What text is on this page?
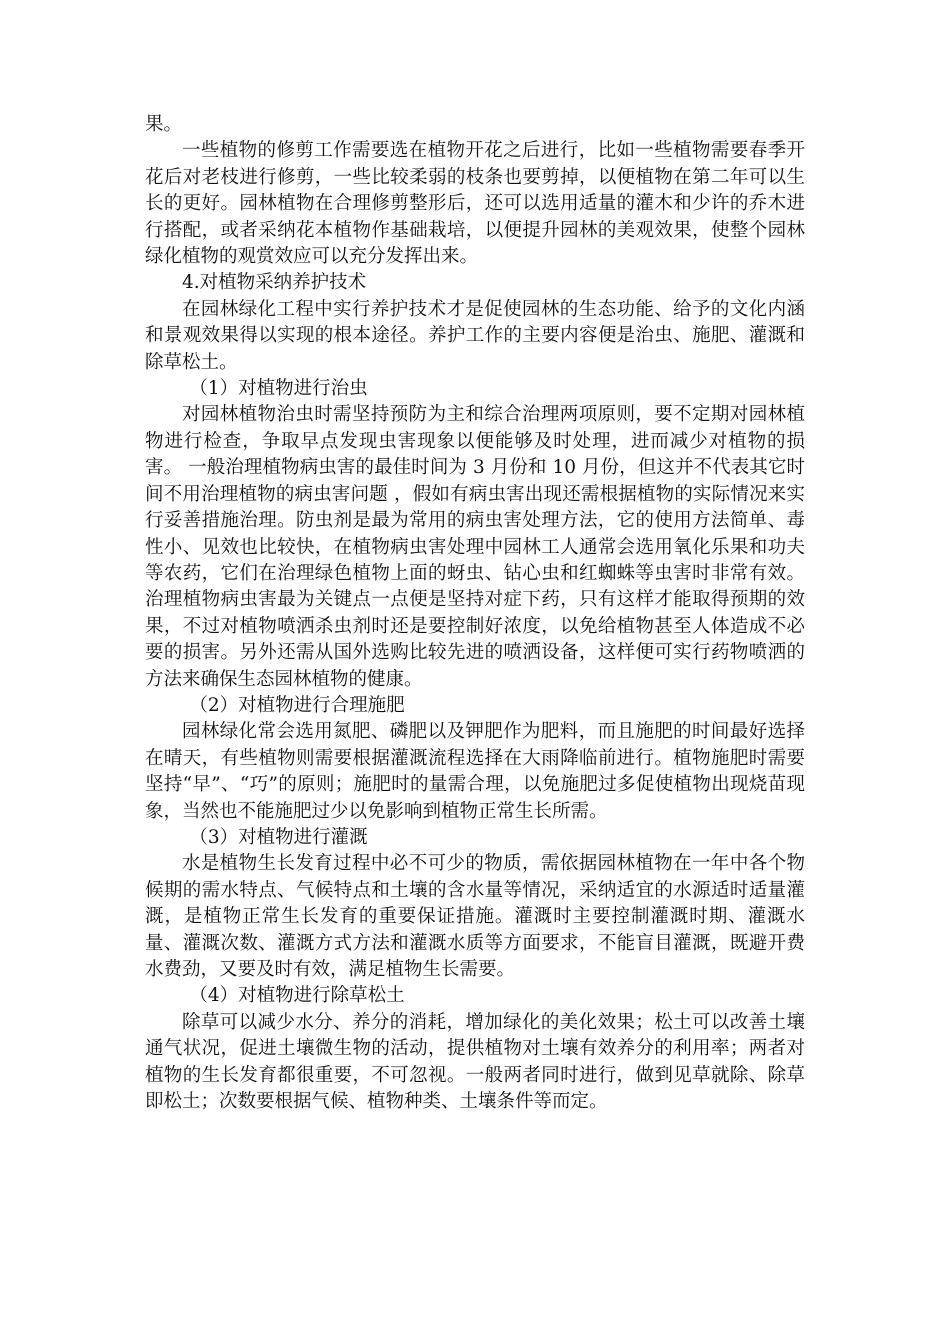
果。

一些植物的修剪工作需要选在植物开花之后进行，比如一些植物需要春季开花后对老枝进行修剪，一些比较柔弱的枝条也要剪掉，以便植物在第二年可以生长的更好。园林植物在合理修剪整形后，还可以选用适量的灌木和少许的乔木进行搭配，或者采纳花本植物作基础栽培，以便提升园林的美观效果，使整个园林绿化植物的观赏效应可以充分发挥出来。

4.对植物采纳养护技术

在园林绿化工程中实行养护技术才是促使园林的生态功能、给予的文化内涵和景观效果得以实现的根本途径。养护工作的主要内容便是治虫、施肥、灌溉和除草松土。

（1）对植物进行治虫

对园林植物治虫时需坚持预防为主和综合治理两项原则，要不定期对园林植物进行检查，争取早点发现虫害现象以便能够及时处理，进而减少对植物的损害。 一般治理植物病虫害的最佳时间为 3 月份和 10 月份，但这并不代表其它时间不用治理植物的病虫害问题 ，假如有病虫害出现还需根据植物的实际情况来实行妥善措施治理。防虫剂是最为常用的病虫害处理方法，它的使用方法简单、毒性小、见效也比较快，在植物病虫害处理中园林工人通常会选用氧化乐果和功夫等农药，它们在治理绿色植物上面的蚜虫、钻心虫和红蜘蛛等虫害时非常有效。 治理植物病虫害最为关键点一点便是坚持对症下药，只有这样才能取得预期的效果，不过对植物喷洒杀虫剂时还是要控制好浓度，以免给植物甚至人体造成不必要的损害。另外还需从国外选购比较先进的喷洒设备，这样便可实行药物喷洒的方法来确保生态园林植物的健康。

（2）对植物进行合理施肥

园林绿化常会选用氮肥、磷肥以及钾肥作为肥料，而且施肥的时间最好选择在晴天，有些植物则需要根据灌溉流程选择在大雨降临前进行。植物施肥时需要坚持“早”、“巧”的原则；施肥时的量需合理，以免施肥过多促使植物出现烧苗现象，当然也不能施肥过少以免影响到植物正常生长所需。

（3）对植物进行灌溉

水是植物生长发育过程中必不可少的物质，需依据园林植物在一年中各个物候期的需水特点、气候特点和土壤的含水量等情况，采纳适宜的水源适时适量灌溉，是植物正常生长发育的重要保证措施。灌溉时主要控制灌溉时期、灌溉水量、灌溉次数、灌溉方式方法和灌溉水质等方面要求，不能盲目灌溉，既避开费水费劲，又要及时有效，满足植物生长需要。

（4）对植物进行除草松土

除草可以减少水分、养分的消耗，增加绿化的美化效果；松土可以改善土壤通气状况，促进土壤微生物的活动，提供植物对土壤有效养分的利用率；两者对植物的生长发育都很重要，不可忽视。一般两者同时进行，做到见草就除、除草即松土；次数要根据气候、植物种类、土壤条件等而定。
